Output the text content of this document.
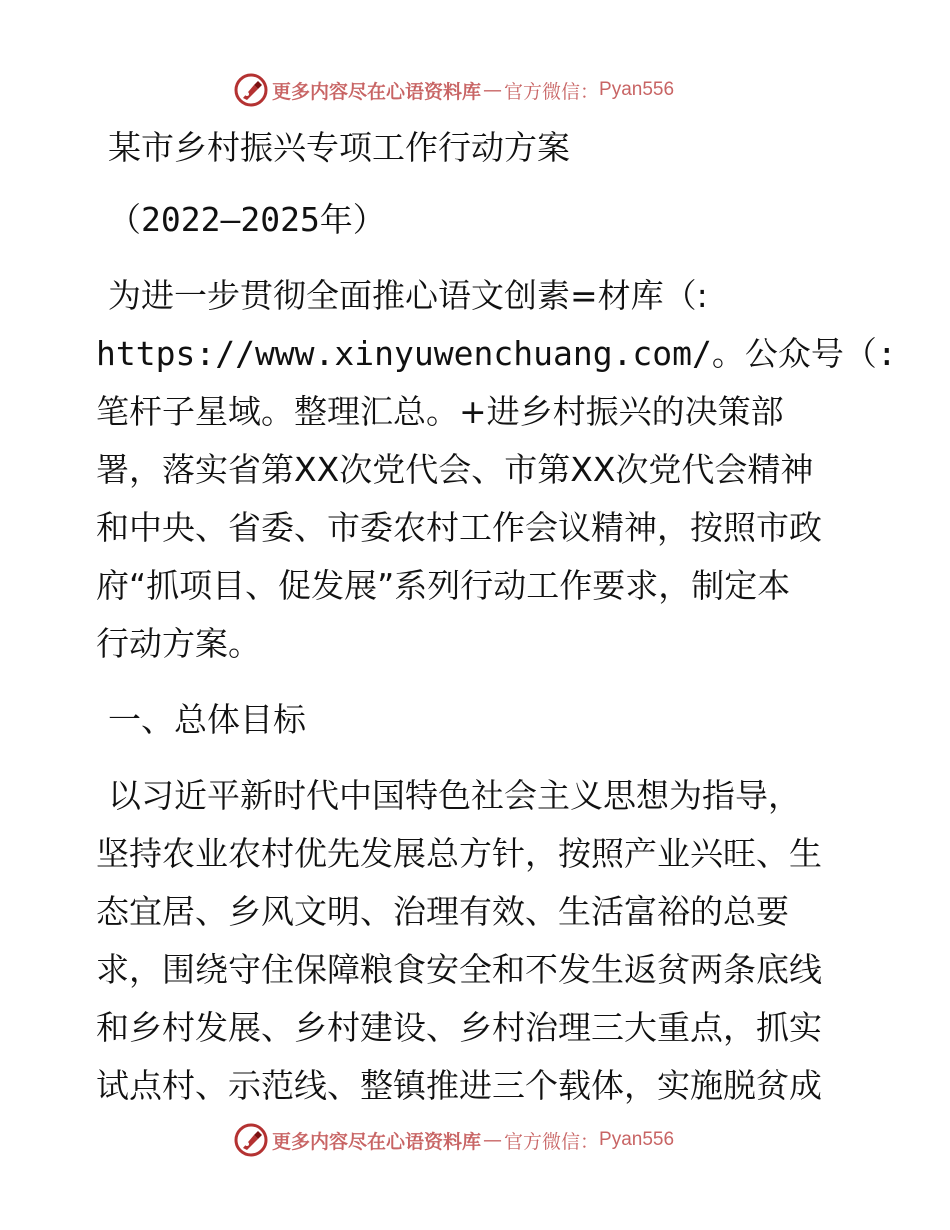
更多内容尽在心语资料库 — 官方微信： Pyan556
某市乡村振兴专项工作行动方案
（2022—2025年）
为进一步贯彻全面推心语文创素=材库（:
https://www.xinyuwenchuang.com/。公众号（:
笔杆子星域。整理汇总。+进乡村振兴的决策部
署，落实省第XX次党代会、市第XX次党代会精神
和中央、省委、市委农村工作会议精神，按照市政
府“抓项目、促发展”系列行动工作要求，制定本
行动方案。
一、总体目标
以习近平新时代中国特色社会主义思想为指导，
坚持农业农村优先发展总方针，按照产业兴旺、生
态宜居、乡风文明、治理有效、生活富裕的总要
求，围绕守住保障粮食安全和不发生返贫两条底线
和乡村发展、乡村建设、乡村治理三大重点，抓实
试点村、示范线、整镇推进三个载体，实施脱贫成
更多内容尽在心语资料库 — 官方微信： Pyan556
